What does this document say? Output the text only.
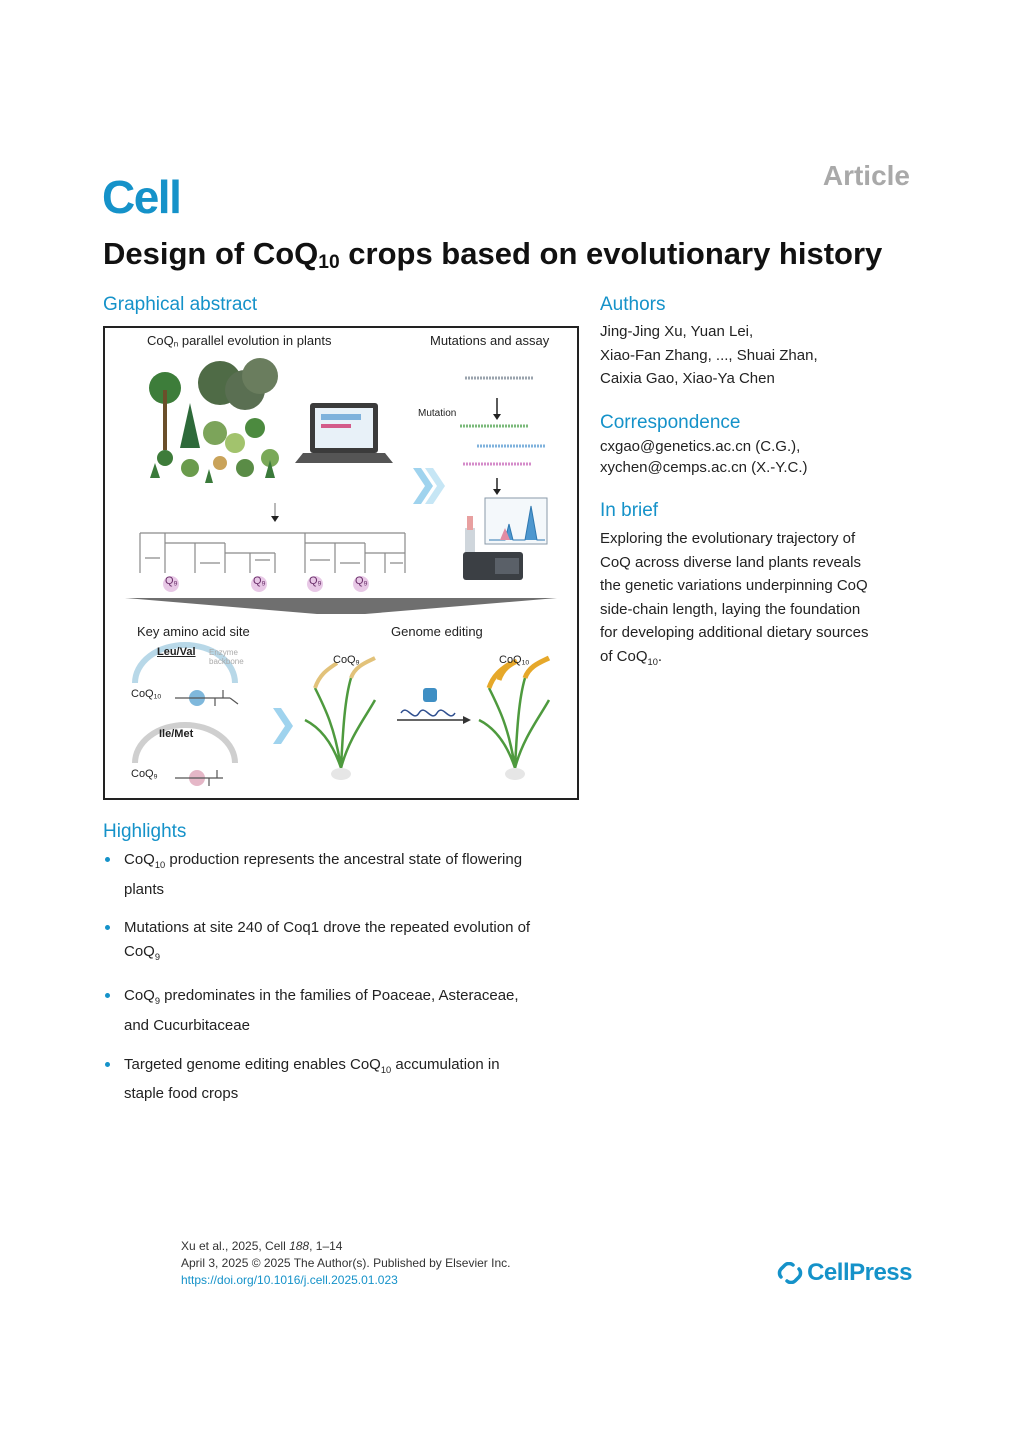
Cell	Article
Design of CoQ$_{10}$ crops based on evolutionary history
Graphical abstract
CoQ$_n$ parallel evolution in plants	Mutations and assay
Mutation
$Q_9$	$Q_9$	$Q_9$	$Q_9$
Key amino acid site	Genome editing
Leu/Val Enzyme backbone
CoQ$_{10}$
Ile/Met
CoQ$_9$
CoQ$_9$	CoQ$_{10}$
Authors
Jing-Jing Xu, Yuan Lei,
Xiao-Fan Zhang, ..., Shuai Zhan,
Caixia Gao, Xiao-Ya Chen
Correspondence
cxgao@genetics.ac.cn (C.G.),
xychen@cemps.ac.cn (X.-Y.C.)
In brief
Exploring the evolutionary trajectory of
CoQ across diverse land plants reveals
the genetic variations underpinning CoQ
side-chain length, laying the foundation
for developing additional dietary sources
of CoQ$_{10}$.
Highlights
CoQ$_{10}$ production represents the ancestral state of flowering
plants
Mutations at site 240 of Coq1 drove the repeated evolution of
CoQ$_9$
CoQ$_9$ predominates in the families of Poaceae, Asteraceae,
and Cucurbitaceae
Targeted genome editing enables CoQ$_{10}$ accumulation in
staple food crops
Xu et al., 2025, Cell 188, 1–14
April 3, 2025 © 2025 The Author(s). Published by Elsevier Inc.
https://doi.org/10.1016/j.cell.2025.01.023	CellPress
